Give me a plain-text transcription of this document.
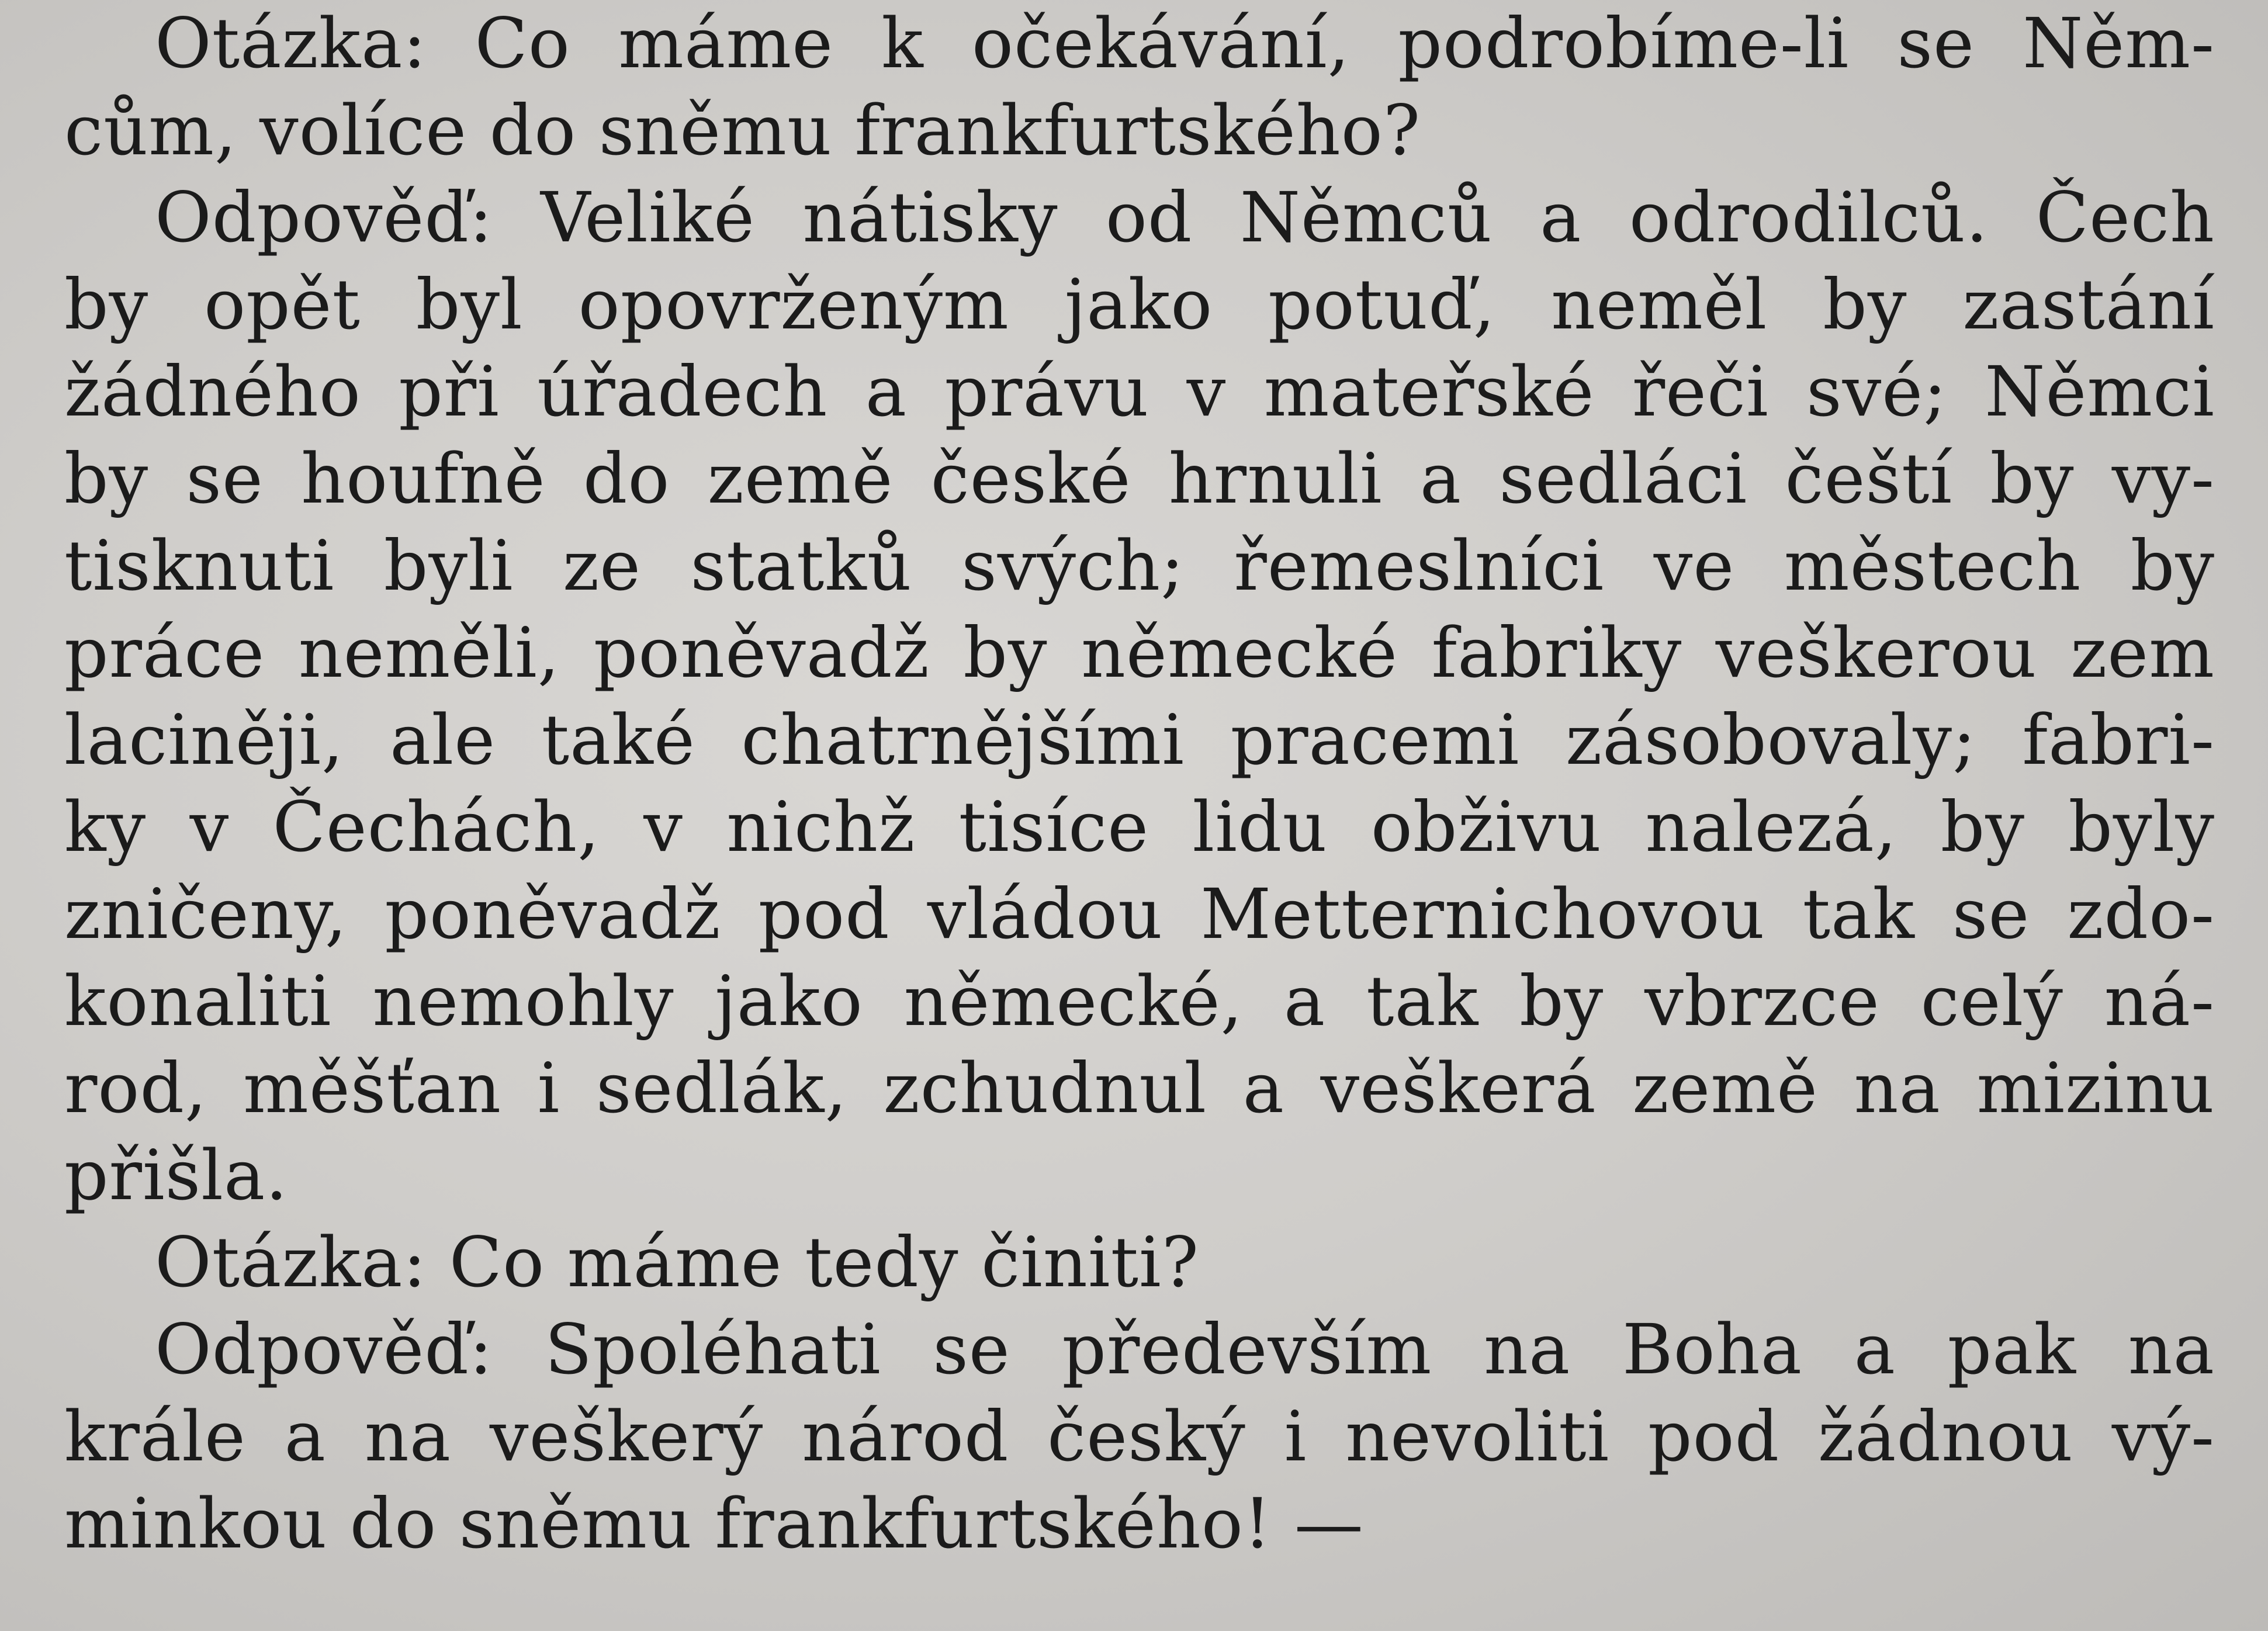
Otázka: Co máme k očekávání, podrobíme-li se Něm-
cům, volíce do sněmu frankfurtského?
Odpověď: Veliké nátisky od Němců a odrodilců. Čech
by opět byl opovrženým jako potuď, neměl by zastání
žádného při úřadech a právu v mateřské řeči své; Němci
by se houfně do země české hrnuli a sedláci čeští by vy-
tisknuti byli ze statků svých; řemeslníci ve městech by
práce neměli, poněvadž by německé fabriky veškerou zem
laciněji, ale také chatrnějšími pracemi zásobovaly; fabri-
ky v Čechách, v nichž tisíce lidu obživu nalezá, by byly
zničeny, poněvadž pod vládou Metternichovou tak se zdo-
konaliti nemohly jako německé, a tak by vbrzce celý ná-
rod, měšťan i sedlák, zchudnul a veškerá země na mizinu
přišla.
Otázka: Co máme tedy činiti?
Odpověď: Spoléhati se především na Boha a pak na
krále a na veškerý národ český i nevoliti pod žádnou vý-
minkou do sněmu frankfurtského! —
